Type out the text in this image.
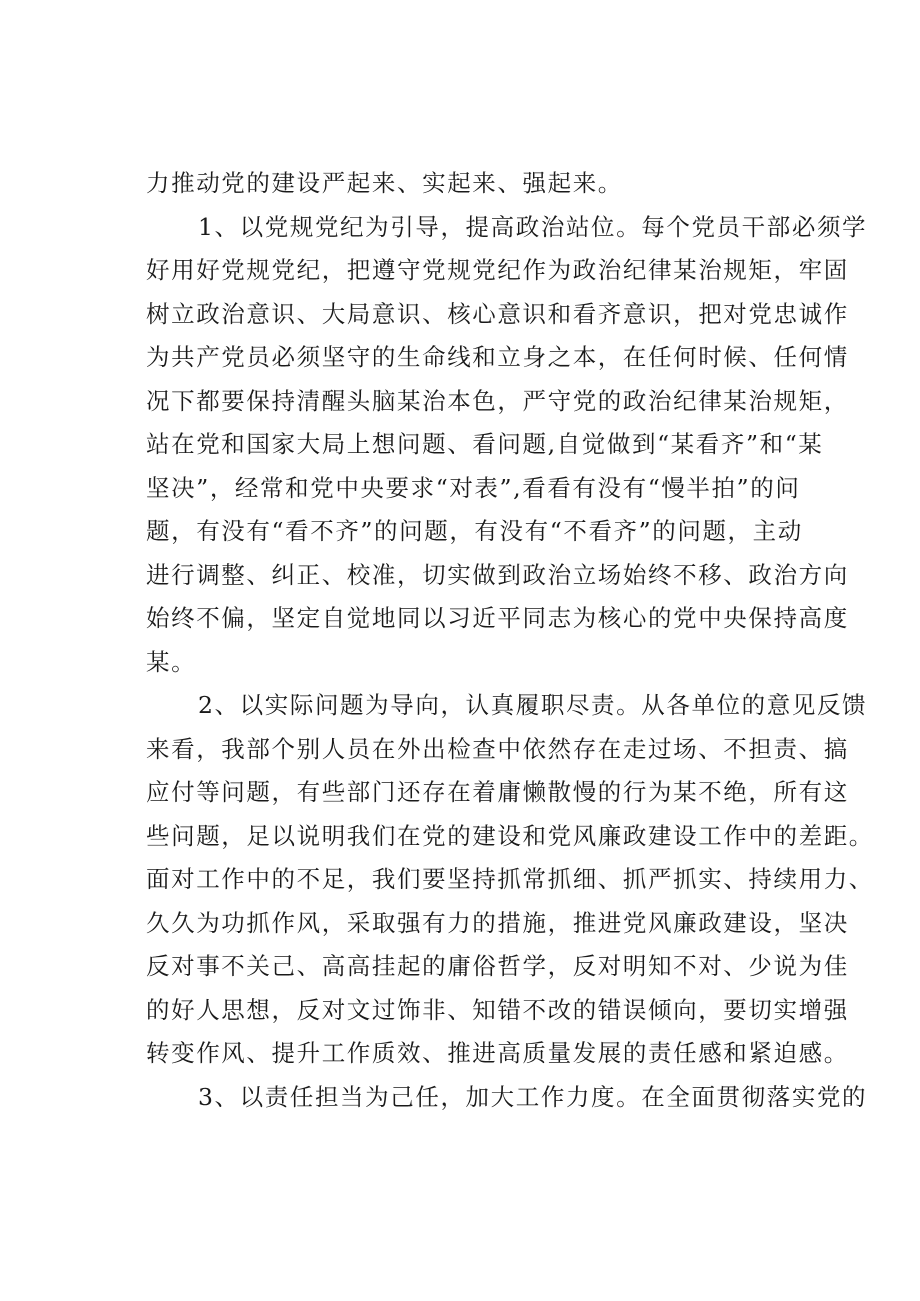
力推动党的建设严起来、实起来、强起来。
1、以党规党纪为引导，提高政治站位。每个党员干部必须学
好用好党规党纪，把遵守党规党纪作为政治纪律某治规矩，牢固
树立政治意识、大局意识、核心意识和看齐意识，把对党忠诚作
为共产党员必须坚守的生命线和立身之本，在任何时候、任何情
况下都要保持清醒头脑某治本色，严守党的政治纪律某治规矩，
站在党和国家大局上想问题、看问题,自觉做到“某看齐”和“某
坚决”，经常和党中央要求“对表”,看看有没有“慢半拍”的问
题，有没有“看不齐”的问题，有没有“不看齐”的问题，主动
进行调整、纠正、校准，切实做到政治立场始终不移、政治方向
始终不偏，坚定自觉地同以习近平同志为核心的党中央保持高度
某。
2、以实际问题为导向，认真履职尽责。从各单位的意见反馈
来看，我部个别人员在外出检查中依然存在走过场、不担责、搞
应付等问题，有些部门还存在着庸懒散慢的行为某不绝，所有这
些问题，足以说明我们在党的建设和党风廉政建设工作中的差距。
面对工作中的不足，我们要坚持抓常抓细、抓严抓实、持续用力、
久久为功抓作风，采取强有力的措施，推进党风廉政建设，坚决
反对事不关己、高高挂起的庸俗哲学，反对明知不对、少说为佳
的好人思想，反对文过饰非、知错不改的错误倾向，要切实增强
转变作风、提升工作质效、推进高质量发展的责任感和紧迫感。
3、以责任担当为己任，加大工作力度。在全面贯彻落实党的
